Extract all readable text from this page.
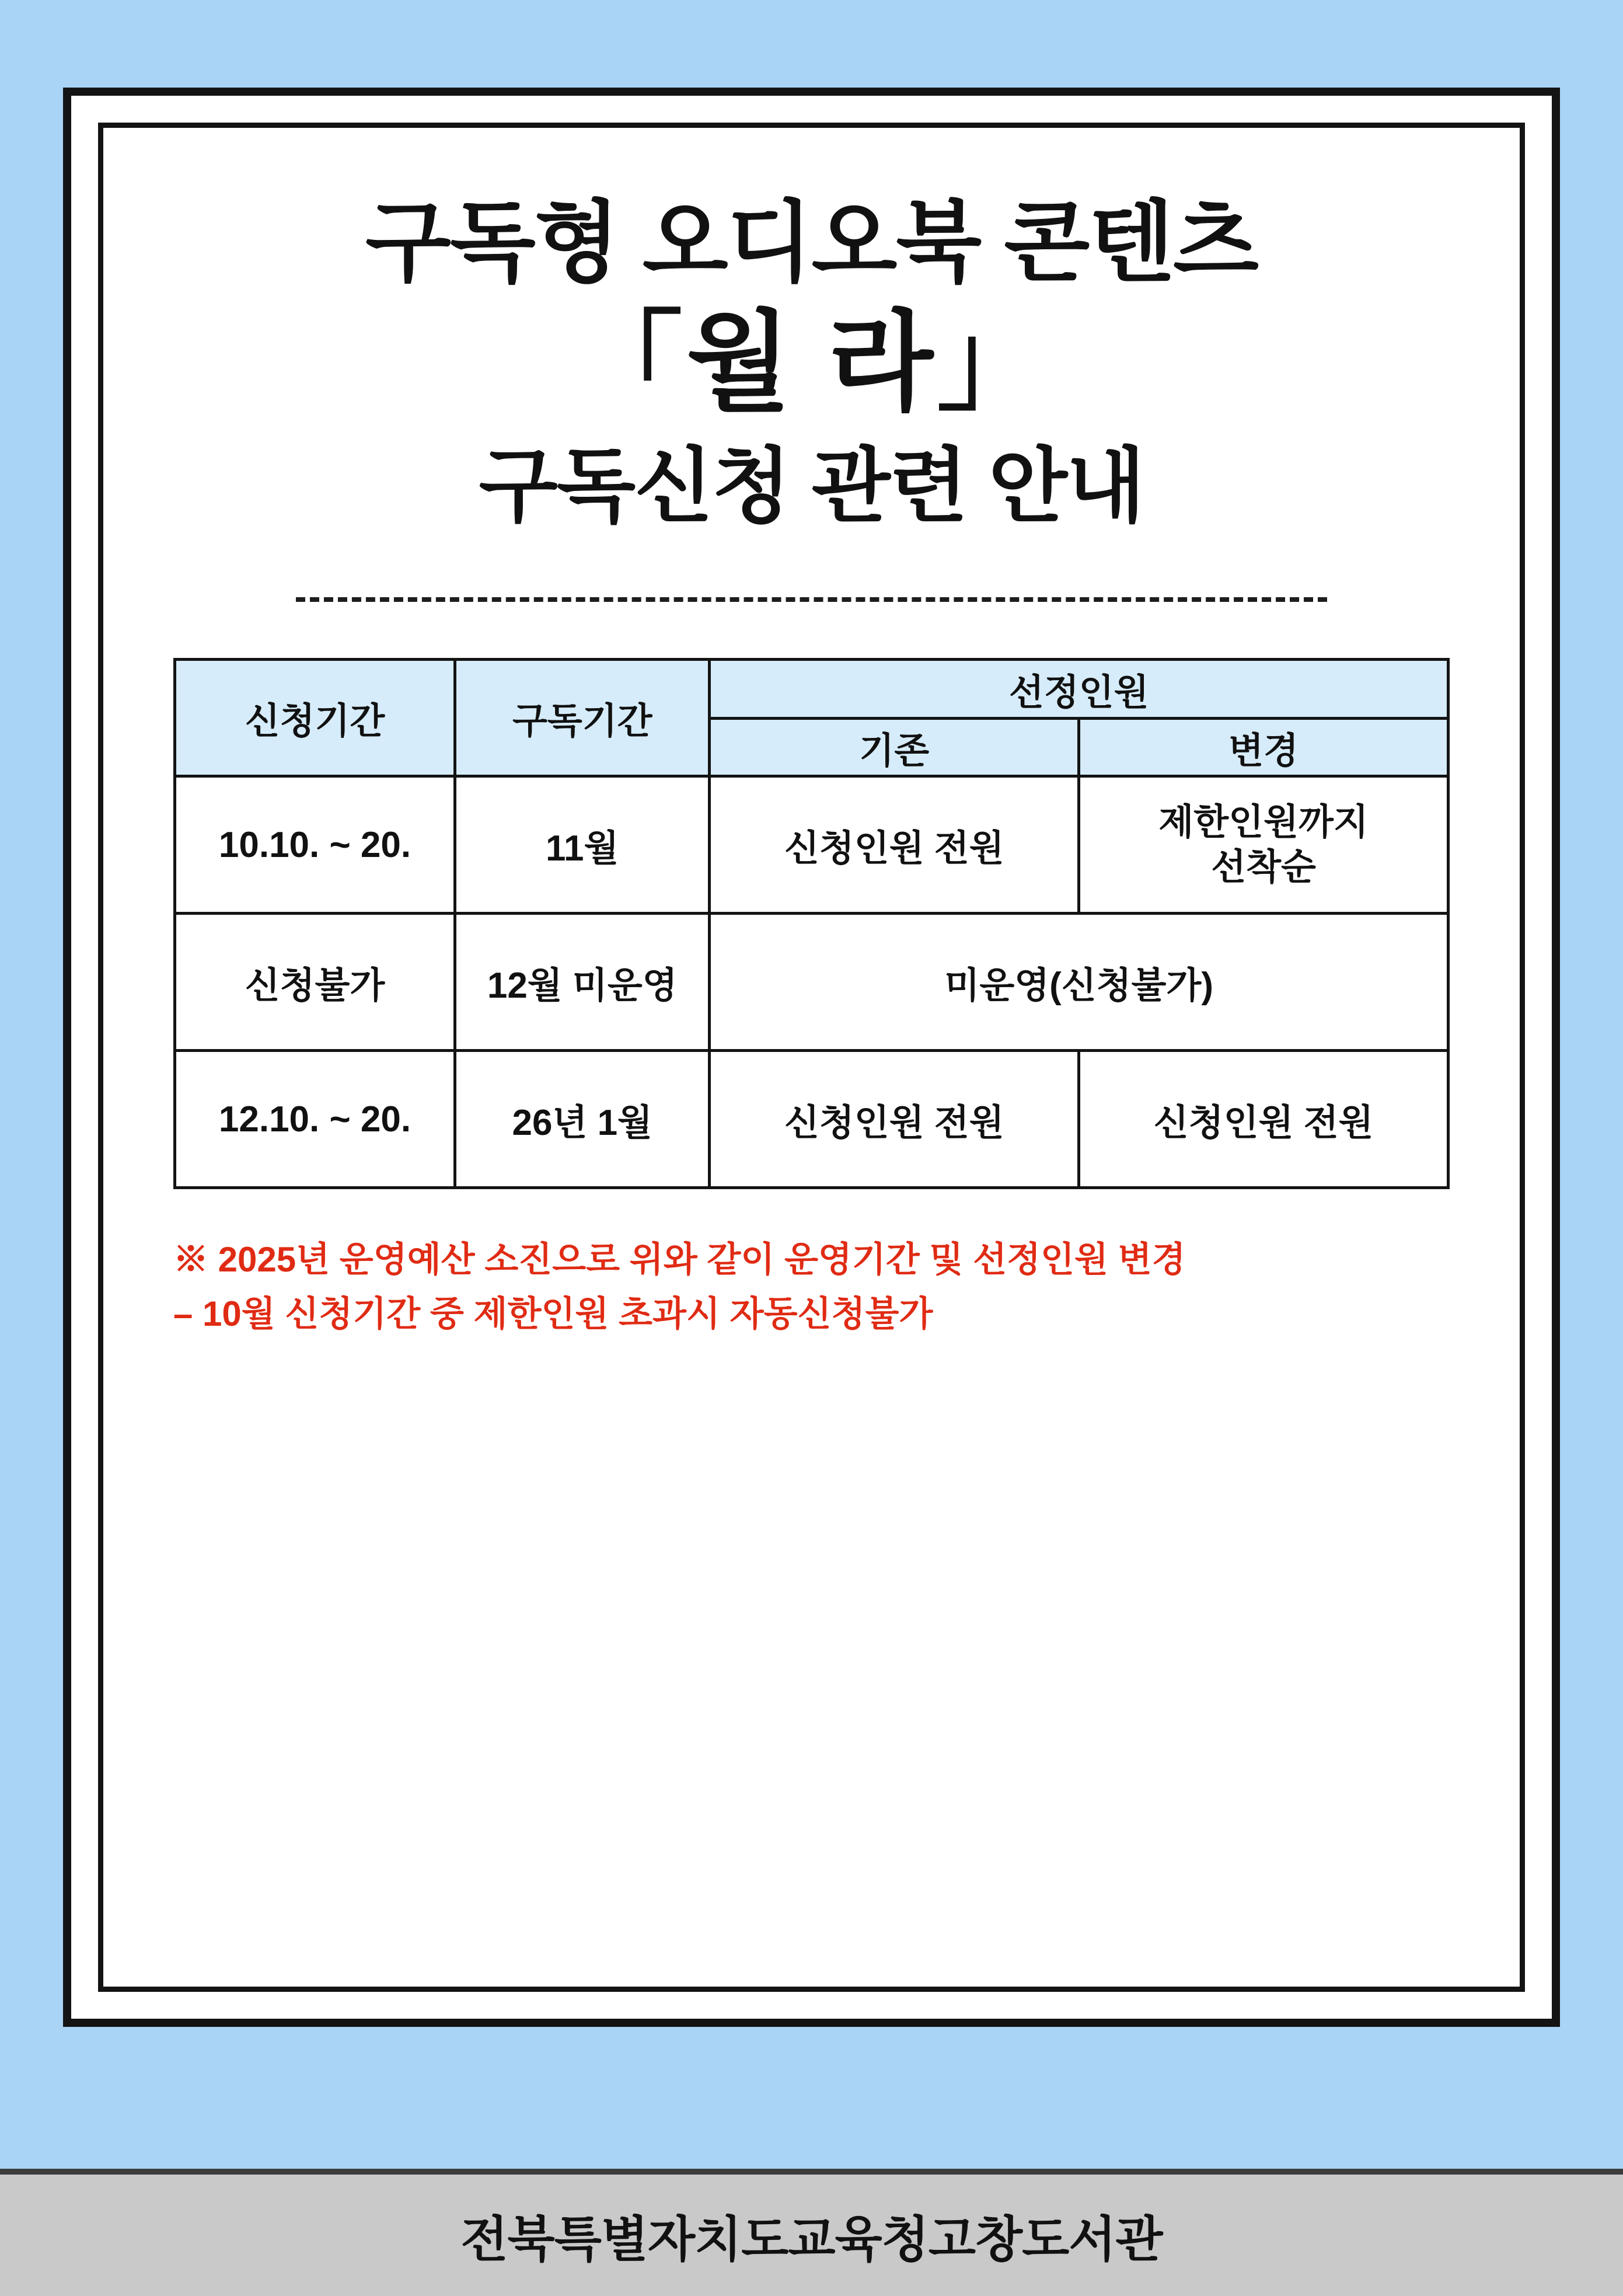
구독형 오디오북 콘텐츠
「월 라」
구독신청 관련 안내
신청기간	구독기간	선정인원	
		기존	변경
10.10. ~ 20.	11월	신청인원 전원	제한인원까지
선착순

신청불가	12월 미운영	미운영(신청불가)	
12.10. ~ 20.	26년 1월	신청인원 전원	신청인원 전원
※ 2025년 운영예산 소진으로 위와 같이 운영기간 및 선정인원 변경
– 10월 신청기간 중 제한인원 초과시 자동신청불가
전북특별자치도교육청고창도서관
